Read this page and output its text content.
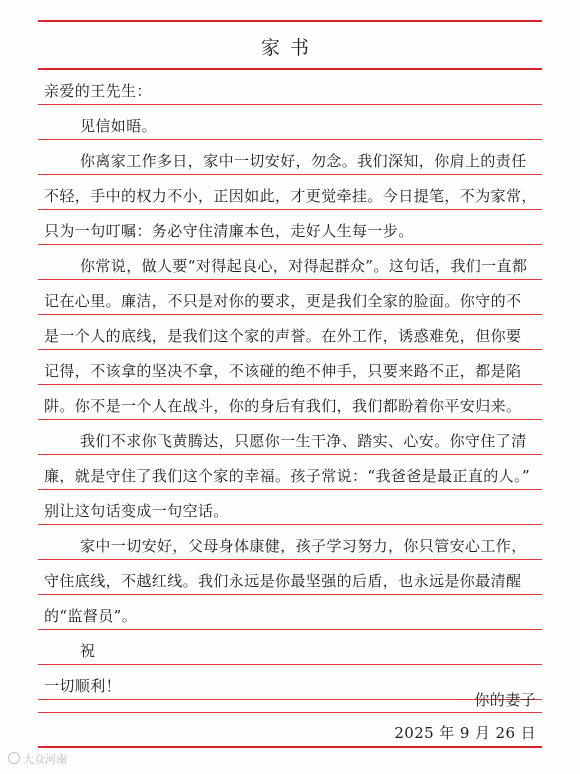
家书
亲爱的王先生：
见信如晤。
你离家工作多日，家中一切安好，勿念。我们深知，你肩上的责任
不轻，手中的权力不小，正因如此，才更觉牵挂。今日提笔，不为家常，
只为一句叮嘱：务必守住清廉本色，走好人生每一步。
你常说，做人要“对得起良心，对得起群众”。这句话，我们一直都
记在心里。廉洁，不只是对你的要求，更是我们全家的脸面。你守的不
是一个人的底线，是我们这个家的声誉。在外工作，诱惑难免，但你要
记得，不该拿的坚决不拿，不该碰的绝不伸手，只要来路不正，都是陷
阱。你不是一个人在战斗，你的身后有我们，我们都盼着你平安归来。
我们不求你飞黄腾达，只愿你一生干净、踏实、心安。你守住了清
廉，就是守住了我们这个家的幸福。孩子常说：“我爸爸是最正直的人。”
别让这句话变成一句空话。
家中一切安好，父母身体康健，孩子学习努力，你只管安心工作，
守住底线，不越红线。我们永远是你最坚强的后盾，也永远是你最清醒
的“监督员”。
祝
一切顺利！
你的妻子
2025 年 9 月 26 日
大众河南
